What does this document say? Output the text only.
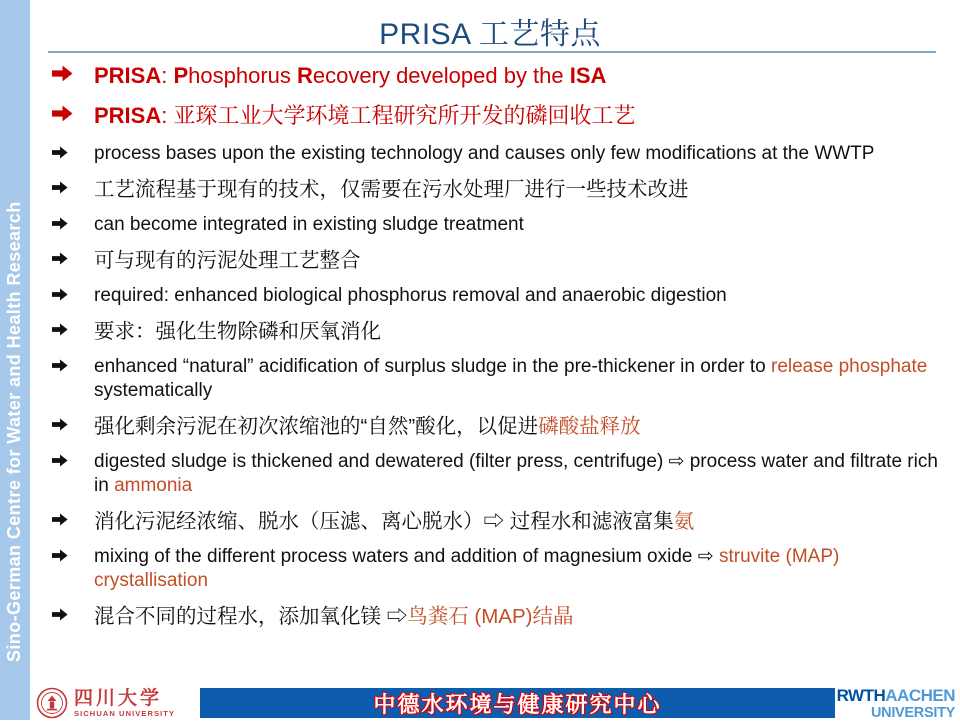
Sino-German Centre for Water and Health Research
PRISA 工艺特点

PRISA: Phosphorus Recovery developed by the ISA

PRISA: 亚琛工业大学环境工程研究所开发的磷回收工艺

process bases upon the existing technology and causes only few modifications at the WWTP

工艺流程基于现有的技术，仅需要在污水处理厂进行一些技术改进

can become integrated in existing sludge treatment

可与现有的污泥处理工艺整合

required: enhanced biological phosphorus removal and anaerobic digestion

要求：强化生物除磷和厌氧消化

enhanced “natural” acidification of surplus sludge in the pre-thickener in order to release phosphate systematically

强化剩余污泥在初次浓缩池的“自然”酸化，以促进磷酸盐释放

digested sludge is thickened and dewatered (filter press, centrifuge) ⇨ process water and filtrate rich in ammonia

消化污泥经浓缩、脱水（压滤、离心脱水）⇨ 过程水和滤液富集氨

mixing of the different process waters and addition of magnesium oxide ⇨ struvite (MAP) crystallisation

混合不同的过程水，添加氧化镁 ⇨鸟粪石 (MAP)结晶

四川大学
SICHUAN UNIVERSITY	中德水环境与健康研究中心	RWTHAACHEN
UNIVERSITY
